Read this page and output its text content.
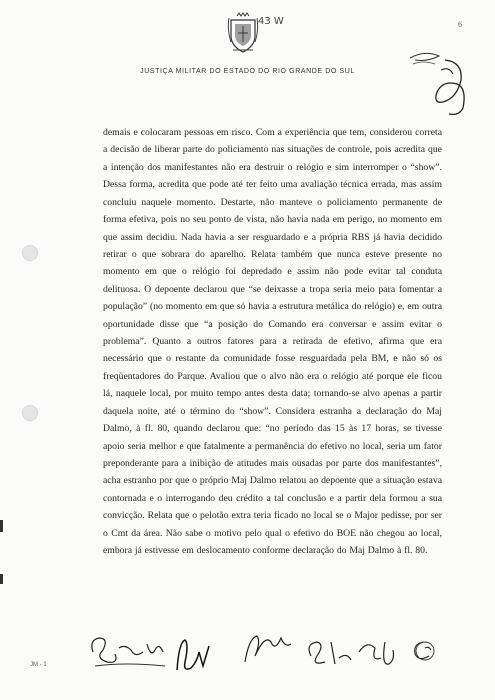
43 W	6
JUSTIÇA MILITAR DO ESTADO DO RIO GRANDE DO SUL

demais e colocaram pessoas em risco. Com a experiência que tem, considerou correta a decisão de liberar parte do policiamento nas situações de controle, pois acredita que a intenção dos manifestantes não era destruir o relógio e sim interromper o “show”. Dessa forma, acredita que pode até ter feito uma avaliação técnica errada, mas assim concluiu naquele momento. Destarte, não manteve o policiamento permanente de forma efetiva, pois no seu ponto de vista, não havia nada em perigo, no momento em que assim decidiu. Nada havia a ser resguardado e a própria RBS já havia decidido retirar o que sobrara do aparelho. Relata também que nunca esteve presente no momento em que o relógio foi depredado e assim não pode evitar tal conduta delituosa. O depoente declarou que “se deixasse a tropa seria meio para fomentar a população” (no momento em que só havia a estrutura metálica do relógio) e, em outra oportunidade disse que “a posição do Comando era conversar e assim evitar o problema”. Quanto a outros fatores para a retirada de efetivo, afirma que era necessário que o restante da comunidade fosse resguardada pela BM, e não só os freqüentadores do Parque. Avaliou que o alvo não era o relógio até porque ele ficou lá, naquele local, por muito tempo antes desta data; tornando-se alvo apenas a partir daquela noite, até o término do “show”. Considera estranha a declaração do Maj Dalmo, à fl. 80, quando declarou que: “no período das 15 às 17 horas, se tivesse apoio seria melhor e que fatalmente a permanência do efetivo no local, seria um fator preponderante para a inibição de atitudes mais ousadas por parte dos manifestantes”, acha estranho por que o próprio Maj Dalmo relatou ao depoente que a situação estava contornada e o interrogando deu crédito a tal conclusão e a partir dela formou a sua convicção. Relata que o pelotão extra teria ficado no local se o Major pedisse, por ser o Cmt da área. Não sabe o motivo pelo qual o efetivo do BOE não chegou ao local, embora já estivesse em deslocamento conforme declaração do Maj Dalmo à fl. 80.

JM - 1
